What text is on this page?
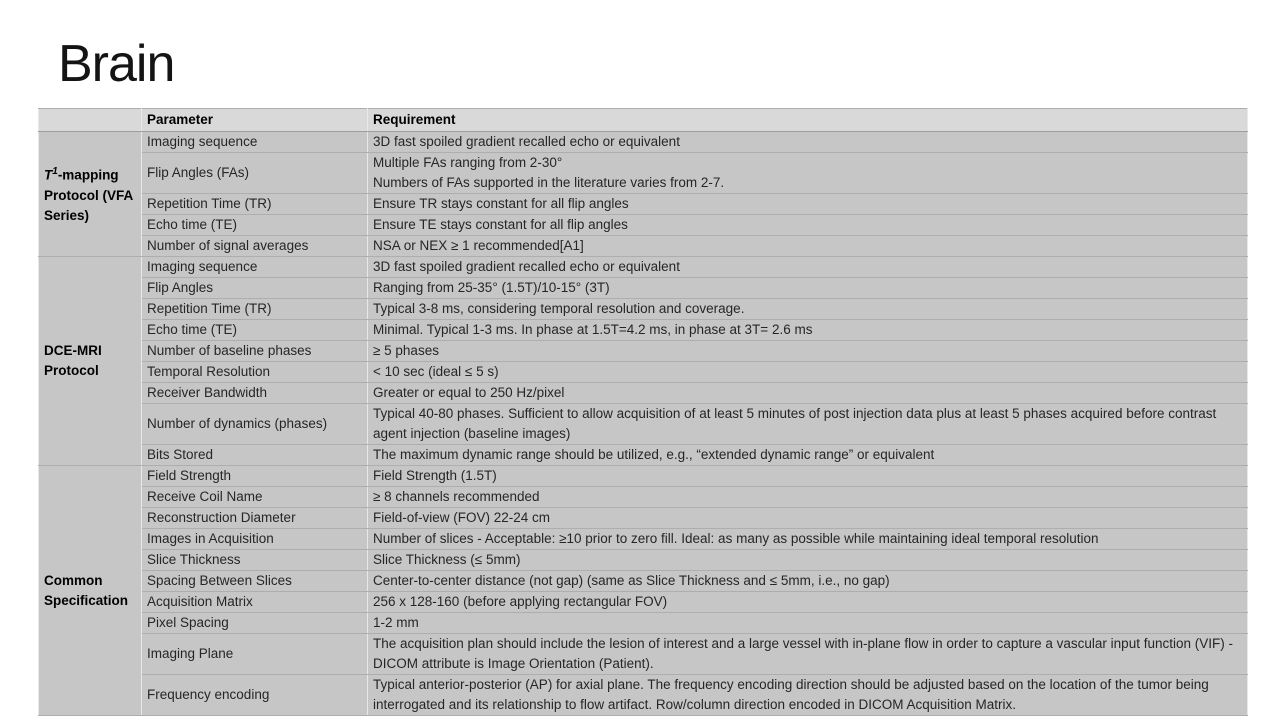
Brain
	Parameter	Requirement
$T^1$-mapping Protocol (VFA Series)	Imaging sequence	3D fast spoiled gradient recalled echo or equivalent

	Flip Angles (FAs)	Multiple FAs ranging from 2-30°
Numbers of FAs supported in the literature varies from 2-7.

	Repetition Time (TR)	Ensure TR stays constant for all flip angles

	Echo time (TE)	Ensure TE stays constant for all flip angles

	Number of signal averages	NSA or NEX ≥ 1 recommended[A1]

DCE-MRI Protocol	Imaging sequence	3D fast spoiled gradient recalled echo or equivalent

	Flip Angles	Ranging from 25-35° (1.5T)/10-15° (3T)

	Repetition Time (TR)	Typical 3-8 ms, considering temporal resolution and coverage.

	Echo time (TE)	Minimal. Typical 1-3 ms. In phase at 1.5T=4.2 ms, in phase at 3T= 2.6 ms

	Number of baseline phases	≥ 5 phases

	Temporal Resolution	< 10 sec (ideal ≤ 5 s)

	Receiver Bandwidth	Greater or equal to 250 Hz/pixel

	Number of dynamics (phases)	Typical 40-80 phases. Sufficient to allow acquisition of at least 5 minutes of post injection data plus at least 5 phases acquired before contrast agent injection (baseline images)

	Bits Stored	The maximum dynamic range should be utilized, e.g., “extended dynamic range” or equivalent

Common Specification	Field Strength	Field Strength (1.5T)

	Receive Coil Name	≥ 8 channels recommended

	Reconstruction Diameter	Field-of-view (FOV) 22-24 cm

	Images in Acquisition	Number of slices - Acceptable: ≥10 prior to zero fill. Ideal: as many as possible while maintaining ideal temporal resolution

	Slice Thickness	Slice Thickness (≤ 5mm)

	Spacing Between Slices	Center-to-center distance (not gap) (same as Slice Thickness and ≤ 5mm, i.e., no gap)

	Acquisition Matrix	256 x 128-160 (before applying rectangular FOV)

	Pixel Spacing	1-2 mm

	Imaging Plane	The acquisition plan should include the lesion of interest and a large vessel with in-plane flow in order to capture a vascular input function (VIF) - DICOM attribute is Image Orientation (Patient).

	Frequency encoding	Typical anterior-posterior (AP) for axial plane. The frequency encoding direction should be adjusted based on the location of the tumor being interrogated and its relationship to flow artifact. Row/column direction encoded in DICOM Acquisition Matrix.
